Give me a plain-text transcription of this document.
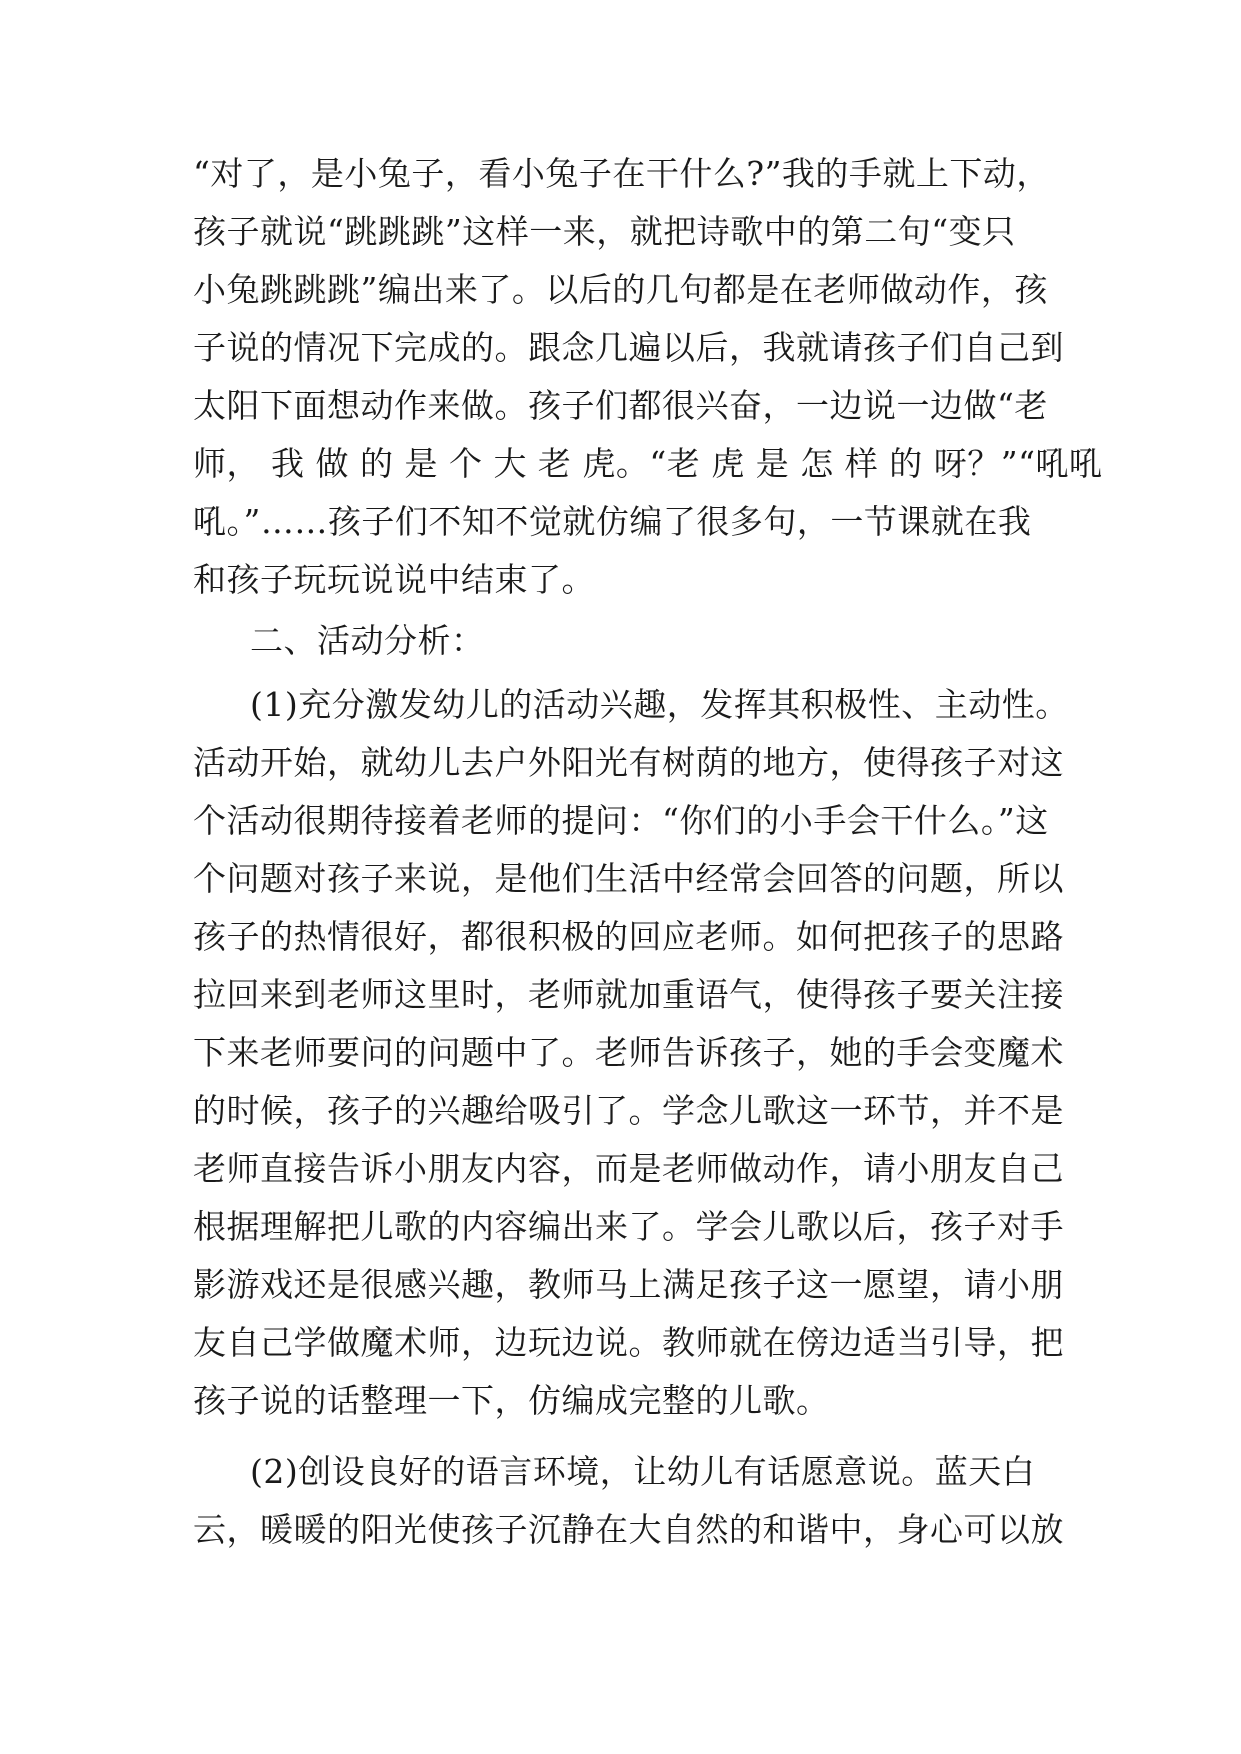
“对了，是小兔子，看小兔子在干什么?”我的手就上下动，

孩子就说“跳跳跳”这样一来，就把诗歌中的第二句“变只

小兔跳跳跳”编出来了。以后的几句都是在老师做动作，孩

子说的情况下完成的。跟念几遍以后，我就请孩子们自己到

太阳下面想动作来做。孩子们都很兴奋，一边说一边做“老

师， 我 做 的 是 个 大 老 虎。“老 虎 是 怎 样 的 呀？”“吼吼

吼。”……孩子们不知不觉就仿编了很多句，一节课就在我

和孩子玩玩说说中结束了。

二、活动分析：

(1)充分激发幼儿的活动兴趣，发挥其积极性、主动性。

活动开始，就幼儿去户外阳光有树荫的地方，使得孩子对这

个活动很期待接着老师的提问：“你们的小手会干什么。”这

个问题对孩子来说，是他们生活中经常会回答的问题，所以

孩子的热情很好，都很积极的回应老师。如何把孩子的思路

拉回来到老师这里时，老师就加重语气，使得孩子要关注接

下来老师要问的问题中了。老师告诉孩子，她的手会变魔术

的时候，孩子的兴趣给吸引了。学念儿歌这一环节，并不是

老师直接告诉小朋友内容，而是老师做动作，请小朋友自己

根据理解把儿歌的内容编出来了。学会儿歌以后，孩子对手

影游戏还是很感兴趣，教师马上满足孩子这一愿望，请小朋

友自己学做魔术师，边玩边说。教师就在傍边适当引导，把

孩子说的话整理一下，仿编成完整的儿歌。

(2)创设良好的语言环境，让幼儿有话愿意说。蓝天白

云，暖暖的阳光使孩子沉静在大自然的和谐中，身心可以放
